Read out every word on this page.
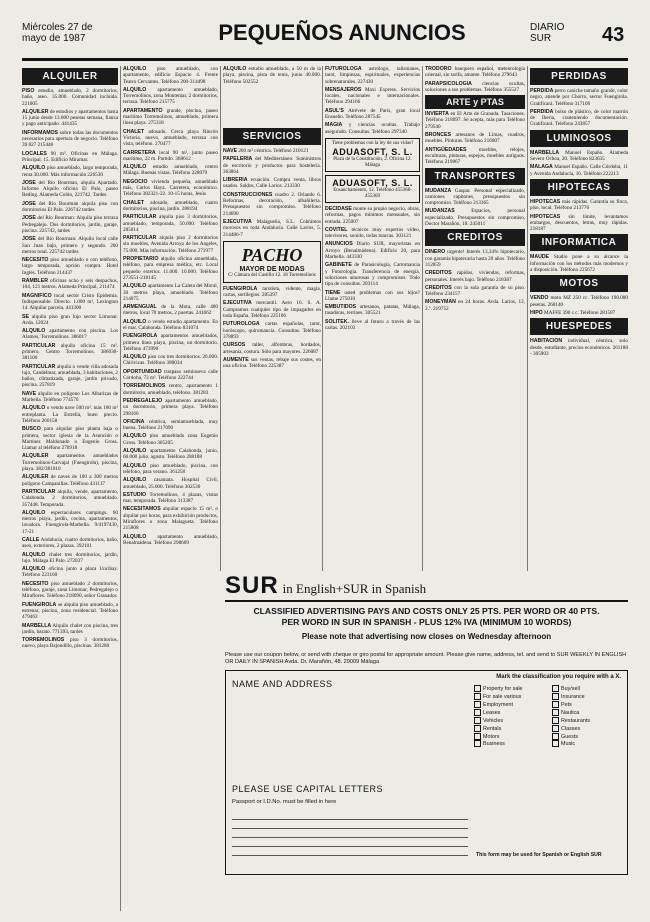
Miércoles 27 de
mayo de 1987	PEQUEÑOS ANUNCIOS	DIARIO
SUR	43
ALQUILER
PISO estudio, amueblado, 2 dormitorios, baño, aseo. 35.000. Comunidad incluida. 221005
ALQUILER de estudios y apartamentos hasta 15 junio desde 13.000 pesetas semana, fianza y pago anticipado. 441435
INFORMAMOS sobre todas las documentos necesarios para apertura de negocio. Teléfono 39 827 215448
LOCALES 90 m². Oficinas en Málaga. Principal. 15. Edificio Miramar.
ALQUILO piso amueblado, largo temporada, renta 30.000. Más información 226530
JOSE del Río Bourman, alquila Apartado. Informe Alquilo oficina El Palo, paseo Reding. Alameda Colón, 221742. Tardes
JOSE del Río Bourman alquila piso con dormitorios El Palo. 226742 tardes
JOSE del Río Bourman: Alquila piso terraza Pedregalejo. Dos dormitorios, jardín, garaje, piscina. 225742, tardes
JOSE del Río Bourman: Alquilo local calle San Juan bajo, primero y segundo. 200 metros total. 225742 tardes
NECESITO piso amueblado o con teléfono, largo temporada, opción compra. Hotel Inglés. Teléfono 214437
RAMBLER oficinas ocho y seis despachos, 104, 121 metros. Alameda Principal, 211474
MAGNIFICO local sector Cristo Epidemia. Indispensable. Directo. 1.000 m², Lexington 14. Alquilar parcela. 441300
SE alquila piso gran lujo sector Limonar. Avda. 12024
ALQUILO apartamento con piscina. Los Alamos, Torremolinos. 386017
PARTICULAR alquila oficina 15 m². primero. Centro Torremolinos. 386030-381100
PARTICULAR alquila o vende villa adosada lujo, Candelmar, amueblada, 3 habitaciones, 2 baños, climatizada, garaje, jardín privado, piscina. 257819
NAVE alquilo en polígono Los Albarizas de Marbella. Teléfono 774576
ALQUILO o vendo nave 500 m². más 180 m² entreplanta. La Estrella, buen precio. Teléfono 260158
BUSCO para alquilar piso planta baja o primera, sector iglesia de la Asunción o Martínez Maldonado o Eugenio Gross. Llamar al teléfono 270918
ALQUILER apartamentos amueblados Torremolinos-Carvajal (Fuengirola), piscina, playa. 382/381810
ALQUILER de naves de 100 a 300 metros polígono Campanillas. Teléfono 431117
PARTICULAR alquila, vende, apartamento, Calahonda. 2 dormitorios, amueblado. 357448. Temporada.
ALQUILO espectaculares campings. 60 metros playa, jardín, cocina, apartamentos, lavadora. Fuengirola-Marbella. 9/4197430, 17-21
CALLE Andalucía, cuatro dormitorios, baño, aseo, exteriores, 2 plazas. 392101
ALQUILO chalet tres dormitorios, jardín, lujo. Málaga El Palo. 272037
ALQUILO oficina junto a plaza Uncibay. Teléfono 223160
NECESITO piso amueblado 2 dormitorios, teléfono, garaje, zona Limonar, Pedregalejo o Miraflores. Teléfono 218090, señor Granados
FUENGIROLA se alquila piso amueblado, a estrenar, piscina, zona residencial. Teléfono 479463
MARBELLA Alquilo chalet con piscina, tres jardín, barato. 771393, tardes
TORREMOLINOS piso 3 dormitorios, nuevo, playa Bajondillo, piscinas. 381280
ALQUILO piso amueblado, con apartamento, edificio Espacio 4. Frente Teatro Cervantes. Teléfono 200-314498
ALQUILO apartamento amueblado, Torremolinos, zona Montemar, 2 dormitorios, terraza. Teléfono 215775
APARTAMENTO grande, piscina, paseo marítimo Torremolinos, amueblado, primera línea playa. 275318
CHALET adosado. Cerca playa Rincón Victoria, nuevo, amueblado, terraza con vista, teléfono. 270477
CARRETERA local 90 m², junto paseo marítimo, 22 m. Partido. 368612
ALQUILO estudio amueblado, centro Málaga. Buenas vistas. Teléfono 228079
NEGOCIO vivienda pequeña, amueblado más, Carlos Haya. Carretera, económico. Teléfono 382321-22. 10-15 horas, Jesús
CHALET adosado, amueblado, cuatro dormitorios, piscina, jardín. 288194
PARTICULAR alquila piso 3 dormitorios, amueblado, temporada, 50.000. Teléfono 285014
PARTICULAR alquila piso 2 dormitorios sin muebles, Avenida Arroyo de los Angeles, 75.000. Más información. Teléfono 271977
PROPIETARIO alquilo oficina amueblada, teléfono, para empresa médica, etc. Local pequeño exterior. 11.000. 10.000. Teléfono 273551-218145
ALQUILO apartamento La Caleta del Moral, 30 metros playa, amueblado. Teléfono 214075
ARMENGUAL de la Mota, calle 400 metros, local 70 metros, 2 puertas. 241662
ALQUILO o vendo estudio apartamento. En el mar. Calahonda. Teléfono 831074
FUENGIROLA apartamentos amueblados, primera línea playa, piscina, un dormitorio. Teléfono 473990
ALQUILO piso con tres dormitorios. 26.000. Chirivicas. Teléfono 380034
OPORTUNIDAD traspaso seminueva calle Córdoba, 73 m². Teléfono 222744
TORREMOLINOS centro, apartamento 1 dormitorio, amueblado, teléfono. 381283
PEDREGALEJO apartamento amueblado, un dormitorio, primera playa. Teléfono 298166
OFICINA céntrica, semiamueblada, muy buena. Teléfono 217090
ALQUILO piso amueblado zona Eugenio Gross. Teléfono 305205
ALQUILO apartamento Calahonda, junio, 60.000 julio, agosto. Teléfono 288188
ALQUILO piso amueblado, piscina, con teléfono, para verano. 361258
ALQUILO casamata. Hospital Civil, amueblado, 25.000. Teléfono 302530
ESTUDIO Torremolinos, 4 plazas, vistas mar, temporada. Teléfono 313387
NECESITAMOS alquilar espacio 15 m². o alquilar por horas, para exhibición productos, Miraflores o zona Malagueta. Teléfono 215808
ALQUILO apartamento amueblado, Benalmádena. Teléfono 298669
ALQUILO estudio amueblado, a 50 m de la playa, piscina, pista de tenis, junio 40.000. Teléfono 502552
SERVICIOS
NAVE 200 m² céntrica. Teléfono 210121
PAPELERIA del Mediterráneo: Suministros de escritorio y productos para hostelería. 363864
LIBRERIA ecuación. Compra venta, libros usados. Saldos, Calle Larios. 213330
CONSTRUCCIONES cuadro 2. Orlando 6. Reformas, decoración, albañilería. Presupuestos sin compromiso. Teléfono 214690
EJECUTIVA Malagueña, S.L. Cobramos morosos en toda Andalucía. Calle Larios, 5. 214486-7
PACHO
MAYOR DE MODAS
C/ Cámara del Castillo 12. 18 Torremolinos
FUENGIROLA tarotista, vidente, magia, cartas, sortilegios. 285397
EJECUTIVA mercantil. Aero 16. S. A. Compramos cualquier tipo de impagados en toda España. Teléfono 225106
FUTUROLOGA cartas españolas, tarot, horóscopo, quiromancia. Consultas. Teléfono 378893
CURSOS taller, alfombras, bordados, artesanía, costura. Sólo para mayores. 226087
AUMENTE sus ventas, rebaje sus costes, en una oficina. Teléfono 225387
FUTUROLOGA astrólogo, talismanes, tarot, limpiezas, espirituales, experiencias sobrenaturales. 227430
MENSAJEROS Maxi Express. Servicios locales, nacionales e internacionales. Teléfono 294166
ASUL'S Atrévete de Paris, gran local Ensueño. Teléfono 287545
MAGIA y ciencias ocultas. Trabajo asegurado. Consultas. Teléfono 297340
Tiene problemas con la ley de sus vidas?
ADUASOFT, S. L.
Plaza de la Constitución, 2. Oficina 12. Málaga
ADUASOFT, S. L.
Ensanchamiento, 12. Teléfono 455368-455369
DECIDASE monte su propio negocio, obras, reformas, pagos mínimos mensuales, sin entrada. 225007
COVITEL técnicos muy expertos vídeo, televisores, sonido, todas marcas. 303121
ANUNCIOS Diario SUR, mayoristas en Arroyo (Benalmádena). Edificio 20, para Marbella. 443330
GABINETE de Parasicología, Cartomancia y Futurología. Transferencia de energía, soluciones amorosas y compromisos. Todo tipo de consultas. 203114
TIENE usted problemas con sus hijos? Llame 275010
EMBUTIDOS artesanos, patatas, Málaga, tasadoras, terrines. 305521
SOLITEK. lleve al futuro a través de las cartas. 202103
TRODORO banquero español, meteorología oriental, sin tarifa, amante. Teléfono 279643
PARAPSICOLOGIA ciencias ocultas, soluciones a sus problemas. Teléfono 355527
ARTE y PTAS
INVIERTA en El Arte de Granada. Tasaciones. Teléfono 218097. Se acepta, más para Teléfono 279540
BRONCES artesanos de Limas, cuadros, muebles. Pinturas. Teléfono 216807
ANTIGÜEDADES muebles, relojes, esculturas, pinturas, espejos, muebles antiguos. Teléfono 219867
TRANSPORTES
MUDANZA Gaspar. Personal especializado, camiones capitones, presupuestos sin compromiso. Teléfono 213365
MUDANZAS Espacios, personal especializado. Presupuestos sin compromiso, Doctor Marañón, 18. 245011
CREDITOS
DINERO urgente! Interés 13,34% hipotecario, con garantía hipotecaria hasta 20 años. Teléfono 312859
CREDITOS rápidos, viviendas, reformas, personales. Interés bajo. Teléfono 218387
CREDITOS con la sola garantía de su piso. Teléfono 234157
MONEYMAN en 24 horas. Avda. Larios, 12, 2.º. 219752
PERDIDAS
PERDIDA perro caniche tamaño grande, color negro, atiende por Chorro, sector Fuengirola. Gratificará. Teléfono 317106
PERDIDA bolso de plástico, de color marrón de Iberia, conteniendo documentación. Gratificará. Teléfono 243857
LUMINOSOS
MARBELLA Manuel Españo. Alameda Severo Ochoa, 20. Teléfono 823635
MALAGA Manuel Españo. Calle Córdoba, 11 y Avenida Andalucía, 16. Teléfono 222213
HIPOTECAS
HIPOTECAS más rápidas. Garantía su finca, piso, local. Teléfono 213776
HIPOTECAS sin límite, levantamos embargos, descuentos, letras, muy rápidas. 218187
INFORMATICA
MAUDE Studio pone a su alcance la información con los métodos más modernos y a disposición. Teléfono 225672
MOTOS
VENDO moto MZ 250 cc. Teléfono 190.000 pesetas. 260140
HIPO MAFFE 390 c.c. Teléfono 281587
HUESPEDES
HABITACION individual, céntrica, solo desde, estudiante, precios económicos. 261188 - 305903
SUR in English+SUR in Spanish
CLASSIFIED ADVERTISING PAYS AND COSTS ONLY 25 PTS. PER WORD OR 40 PTS.
PER WORD IN SUR IN SPANISH - PLUS 12% IVA (MINIMUM 10 WORDS)
Please note that advertising now closes on Wednesday afternoon
Please use our coupon below, or send with cheque or giro postal for appropriate amount. Please give name, address, tel. and send to SUR WEEKLY IN ENGLISH OR DAILY IN SPANISH Avda. Dr. Marañón, 48. 29009 Málaga
Mark the classification you require with a X.
NAME AND ADDRESS	Property for sale
For sale various
Employment
Leases
Vehicles
Rentals
Motors
Business
Buy/sell
Insurance
Pets
Nautica
Restaurants
Classes
Guests
Music
PLEASE USE CAPITAL LETTERS
Passport or I.D.No. must be filled in here
This form may be used for Spanish or English SUR
